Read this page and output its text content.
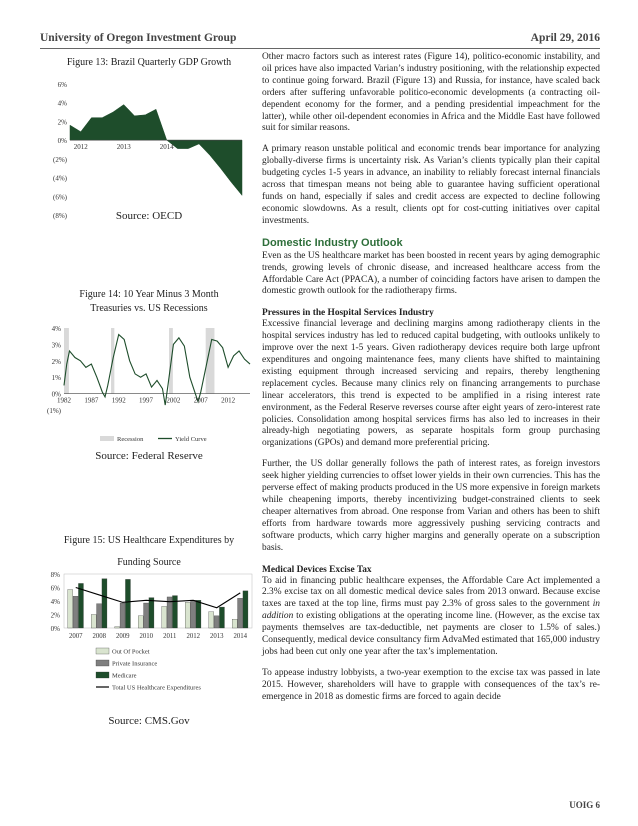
University of Oregon Investment Group	April 29, 2016
Figure 13: Brazil Quarterly GDP Growth
6%
4%
2%
0%
(2%)
(4%)
(6%)
(8%)
2012	2013	2014
Source: OECD
Figure 14: 10 Year Minus 3 Month
Treasuries vs. US Recessions
4%
3%
2%
1%
0%
(1%)
1982 1987 1992 1997 2002 2007 2012
Recession	Yield Curve
Source: Federal Reserve
Figure 15: US Healthcare Expenditures by
Funding Source
8%
6%
4%
2%
0%
2007 2008 2009 2010 2011 2012 2013 2014
Out Of Pocket
Private Insurance
Medicare
Total US Healthcare Expenditures
Source: CMS.Gov

Other macro factors such as interest rates (Figure 14), politico-economic instability, and oil prices have also impacted Varian’s industry positioning, with the relationship expected to continue going forward. Brazil (Figure 13) and Russia, for instance, have scaled back orders after suffering unfavorable politico-economic developments (a contracting oil-dependent economy for the former, and a pending presidential impeachment for the latter), while other oil-dependent economies in Africa and the Middle East have followed suit for similar reasons.

A primary reason unstable political and economic trends bear importance for analyzing globally-diverse firms is uncertainty risk. As Varian’s clients typically plan their capital budgeting cycles 1-5 years in advance, an inability to reliably forecast internal financials across that timespan means not being able to guarantee having sufficient operational funds on hand, especially if sales and credit access are expected to decline following economic slowdowns. As a result, clients opt for cost-cutting initiatives over capital investments.

Domestic Industry Outlook

Even as the US healthcare market has been boosted in recent years by aging demographic trends, growing levels of chronic disease, and increased healthcare access from the Affordable Care Act (PPACA), a number of coinciding factors have arisen to dampen the domestic growth outlook for the radiotherapy firms.

Pressures in the Hospital Services Industry

Excessive financial leverage and declining margins among radiotherapy clients in the hospital services industry has led to reduced capital budgeting, with outlooks unlikely to improve over the next 1-5 years. Given radiotherapy devices require both large upfront expenditures and ongoing maintenance fees, many clients have shifted to maintaining existing equipment through increased servicing and repairs, thereby lengthening replacement cycles. Because many clinics rely on financing arrangements to purchase linear accelerators, this trend is expected to be amplified in a rising interest rate environment, as the Federal Reserve reverses course after eight years of zero-interest rate policies. Consolidation among hospital services firms has also led to increases in their already-high negotiating powers, as separate hospitals form group purchasing organizations (GPOs) and demand more preferential pricing.

Further, the US dollar generally follows the path of interest rates, as foreign investors seek higher yielding currencies to offset lower yields in their own currencies. This has the perverse effect of making products produced in the US more expensive in foreign markets while cheapening imports, thereby incentivizing budget-constrained clients to seek cheaper alternatives from abroad. One response from Varian and others has been to shift efforts from hardware towards more aggressively pushing servicing contracts and software products, which carry higher margins and generally operate on a subscription basis.

Medical Devices Excise Tax

To aid in financing public healthcare expenses, the Affordable Care Act implemented a 2.3% excise tax on all domestic medical device sales from 2013 onward. Because excise taxes are taxed at the top line, firms must pay 2.3% of gross sales to the government in addition to existing obligations at the operating income line. (However, as the excise tax payments themselves are tax-deductible, net payments are closer to 1.5% of sales.) Consequently, medical device consultancy firm AdvaMed estimated that 165,000 industry jobs had been cut only one year after the tax’s implementation.

To appease industry lobbyists, a two-year exemption to the excise tax was passed in late 2015. However, shareholders will have to grapple with consequences of the tax’s re-emergence in 2018 as domestic firms are forced to again decide

UOIG 6
